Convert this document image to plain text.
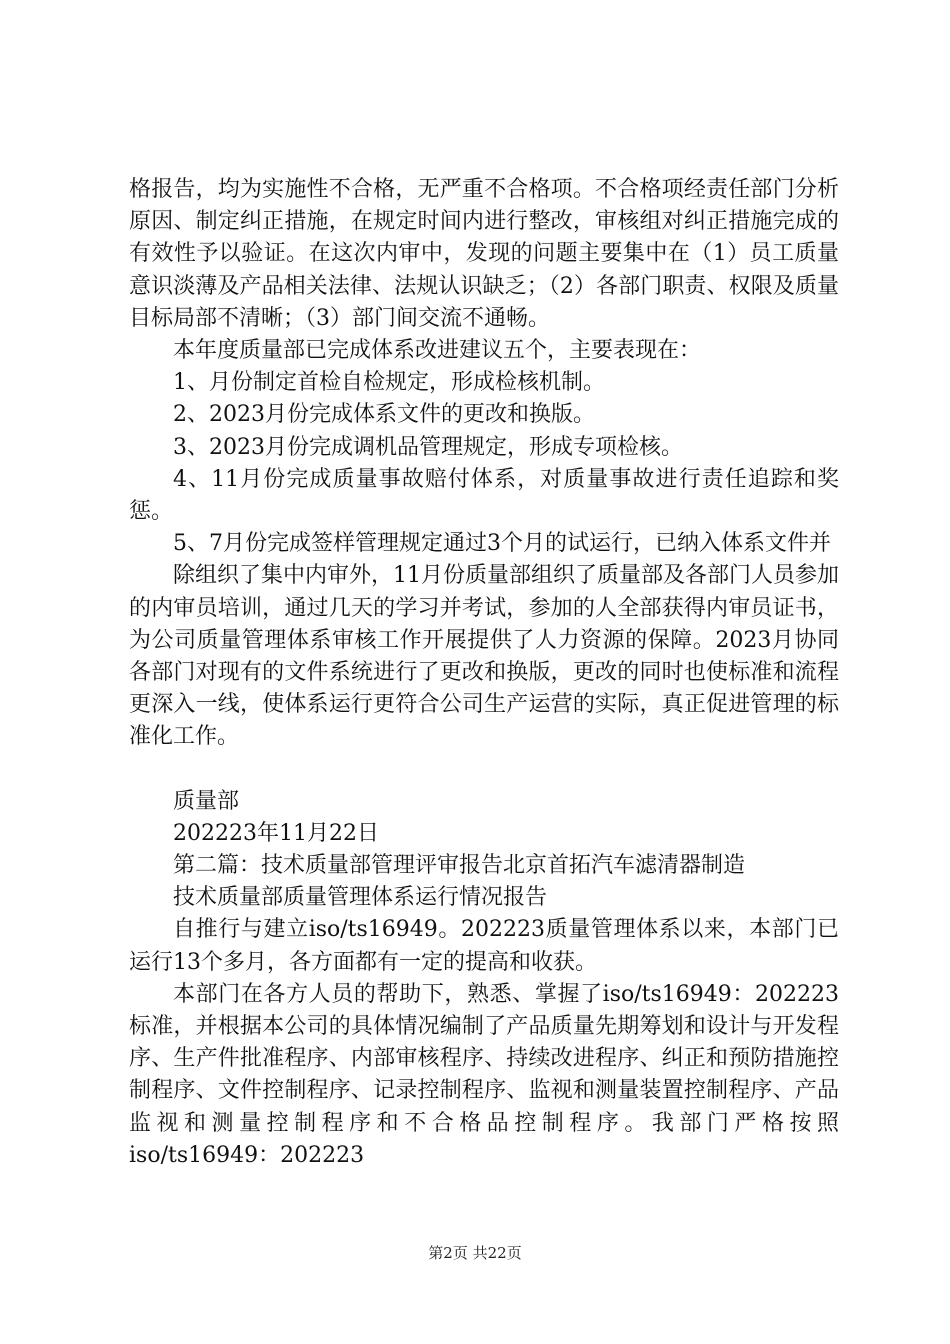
格报告，均为实施性不合格，无严重不合格项。不合格项经责任部门分析原因、制定纠正措施，在规定时间内进行整改，审核组对纠正措施完成的有效性予以验证。在这次内审中，发现的问题主要集中在（1）员工质量意识淡薄及产品相关法律、法规认识缺乏；（2）各部门职责、权限及质量目标局部不清晰；（3）部门间交流不通畅。

本年度质量部已完成体系改进建议五个，主要表现在：

1、月份制定首检自检规定，形成检核机制。

2、2023月份完成体系文件的更改和换版。

3、2023月份完成调机品管理规定，形成专项检核。

4、11月份完成质量事故赔付体系，对质量事故进行责任追踪和奖惩。

5、7月份完成签样管理规定通过3个月的试运行，已纳入体系文件并

除组织了集中内审外，11月份质量部组织了质量部及各部门人员参加的内审员培训，通过几天的学习并考试，参加的人全部获得内审员证书，为公司质量管理体系审核工作开展提供了人力资源的保障。2023月协同各部门对现有的文件系统进行了更改和换版，更改的同时也使标准和流程更深入一线，使体系运行更符合公司生产运营的实际，真正促进管理的标准化工作。

质量部

202223年11月22日

第二篇：技术质量部管理评审报告北京首拓汽车滤清器制造

技术质量部质量管理体系运行情况报告

自推行与建立iso/ts16949。202223质量管理体系以来，本部门已运行13个多月，各方面都有一定的提高和收获。

本部门在各方人员的帮助下，熟悉、掌握了iso/ts16949：202223标准，并根据本公司的具体情况编制了产品质量先期筹划和设计与开发程序、生产件批准程序、内部审核程序、持续改进程序、纠正和预防措施控制程序、文件控制程序、记录控制程序、监视和测量装置控制程序、产品监视和测量控制程序和不合格品控制程序。我部门严格按照iso/ts16949：202223

第2页 共22页
